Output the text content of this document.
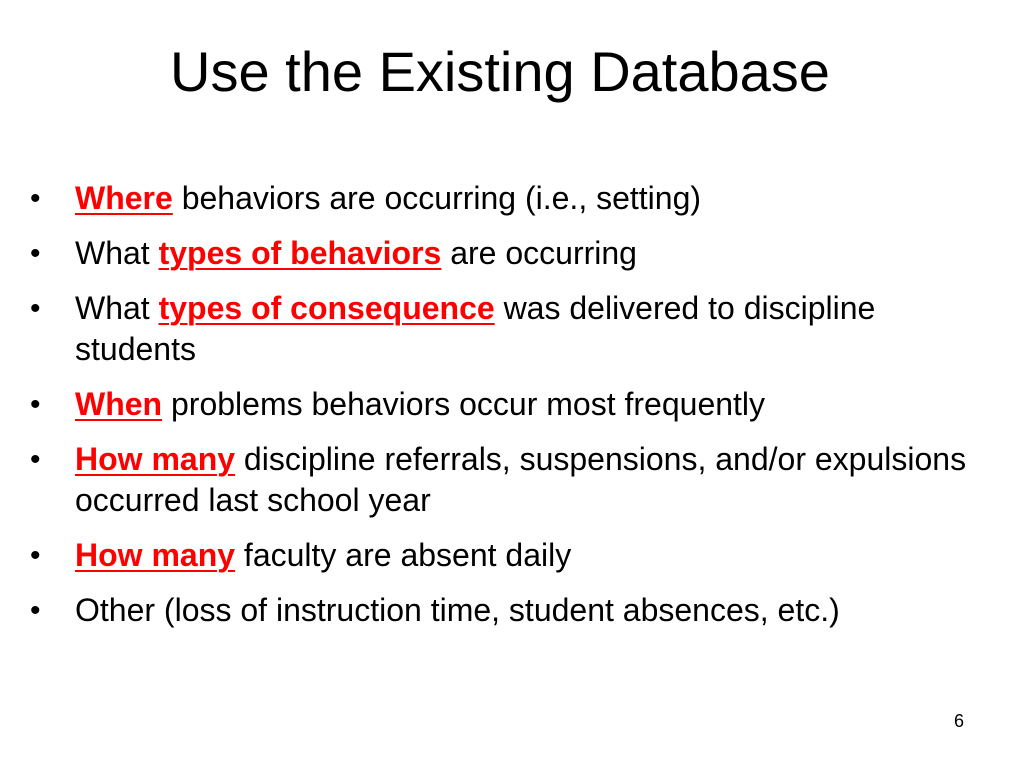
Use the Existing Database
• Where behaviors are occurring (i.e., setting)
• What types of behaviors are occurring
• What types of consequence was delivered to discipline students
• When problems behaviors occur most frequently
• How many discipline referrals, suspensions, and/or expulsions occurred last school year
• How many faculty are absent daily
• Other (loss of instruction time, student absences, etc.)
6
